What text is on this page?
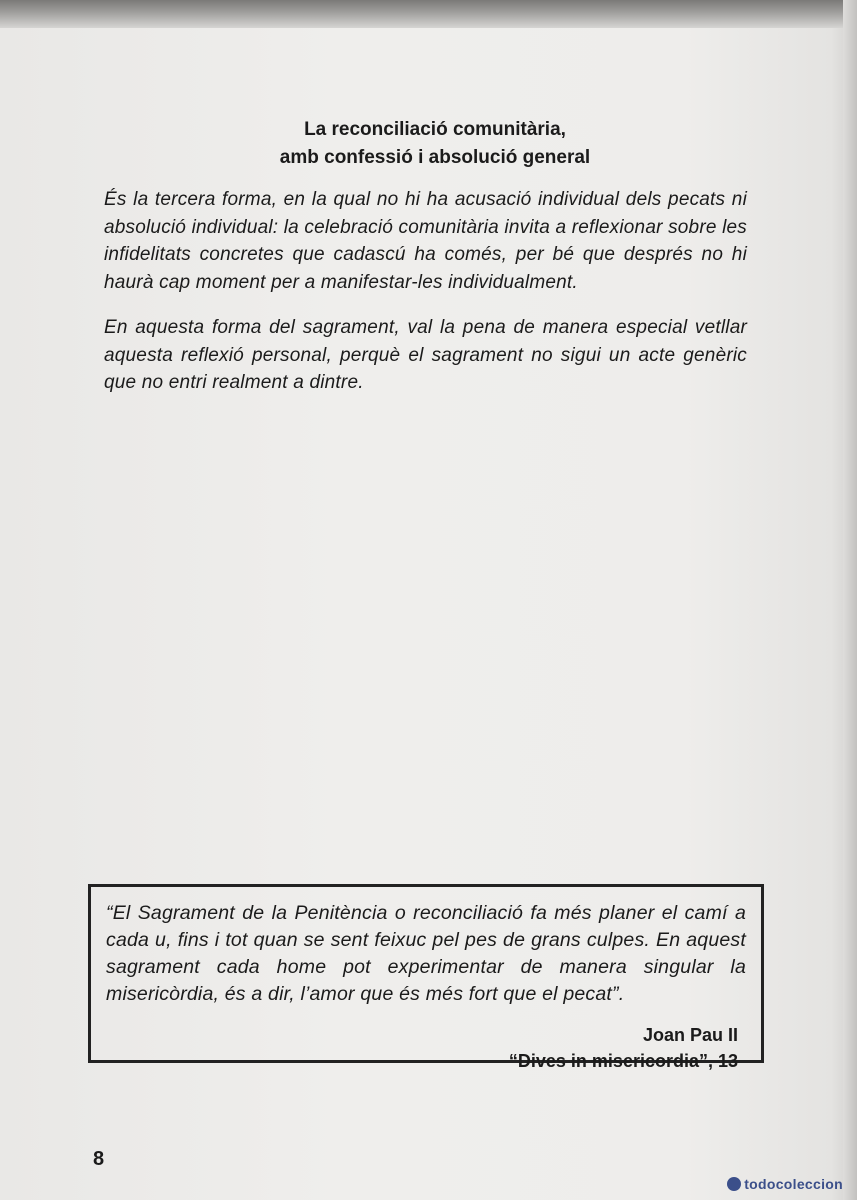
La reconciliació comunitària,
amb confessió i absolució general

És la tercera forma, en la qual no hi ha acusació individual dels pecats ni absolució individual: la celebració comunitària invita a reflexionar sobre les infidelitats concretes que cadascú ha comés, per bé que després no hi haurà cap moment per a manifestar-les individualment.

En aquesta forma del sagrament, val la pena de manera especial vetllar aquesta reflexió personal, perquè el sagrament no sigui un acte genèric que no entri realment a dintre.

“El Sagrament de la Penitència o reconciliació fa més planer el camí a cada u, fins i tot quan se sent feixuc pel pes de grans culpes. En aquest sagrament cada home pot experimentar de manera singular la misericòrdia, és a dir, l’amor que és més fort que el pecat”.

Joan Pau II
“Dives in misericordia”, 13
8
todocoleccion
